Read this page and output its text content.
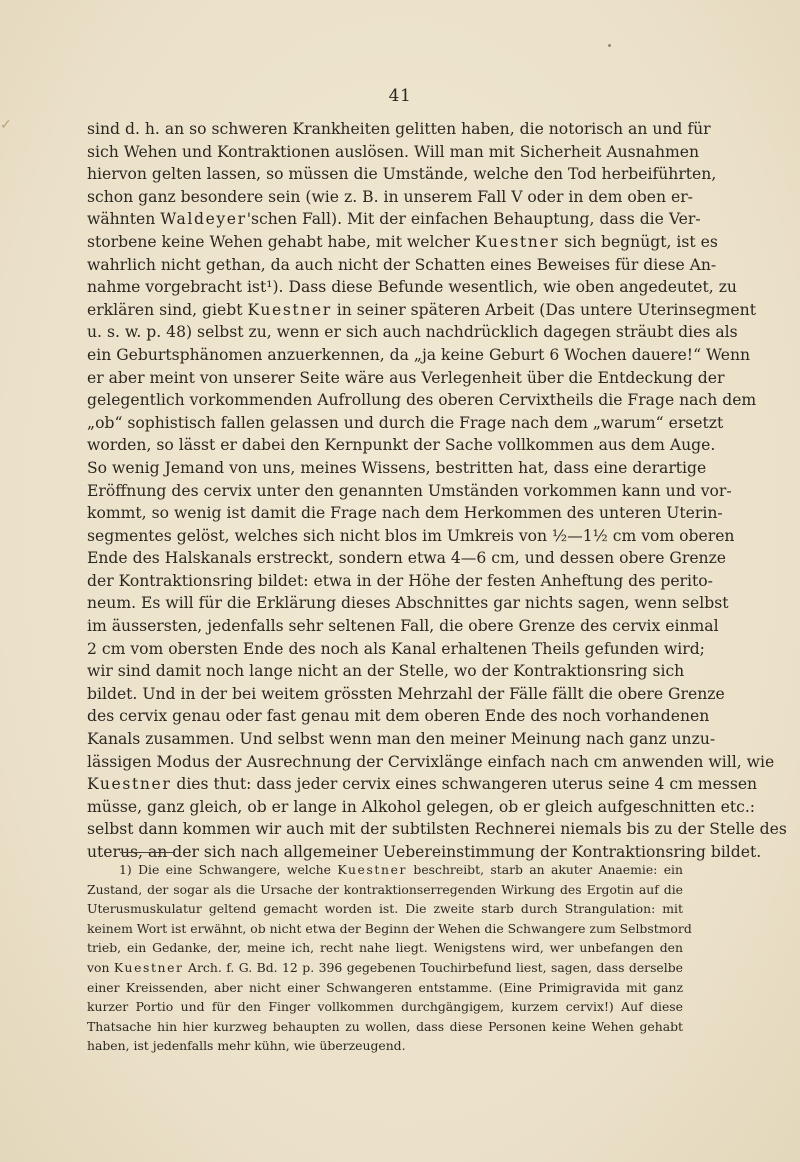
✓
41
sind d. h. an so schweren Krankheiten gelitten haben, die notorisch an und für
sich Wehen und Kontraktionen auslösen. Will man mit Sicherheit Ausnahmen
hiervon gelten lassen, so müssen die Umstände, welche den Tod herbeiführten,
schon ganz besondere sein (wie z. B. in unserem Fall V oder in dem oben er-
wähnten Waldeyer'schen Fall). Mit der einfachen Behauptung, dass die Ver-
storbene keine Wehen gehabt habe, mit welcher Kuestner sich begnügt, ist es
wahrlich nicht gethan, da auch nicht der Schatten eines Beweises für diese An-
nahme vorgebracht ist¹). Dass diese Befunde wesentlich, wie oben angedeutet, zu
erklären sind, giebt Kuestner in seiner späteren Arbeit (Das untere Uterinsegment
u. s. w. p. 48) selbst zu, wenn er sich auch nachdrücklich dagegen sträubt dies als
ein Geburtsphänomen anzuerkennen, da „ja keine Geburt 6 Wochen dauere!“ Wenn
er aber meint von unserer Seite wäre aus Verlegenheit über die Entdeckung der
gelegentlich vorkommenden Aufrollung des oberen Cervixtheils die Frage nach dem
„ob“ sophistisch fallen gelassen und durch die Frage nach dem „warum“ ersetzt
worden, so lässt er dabei den Kernpunkt der Sache vollkommen aus dem Auge.
So wenig Jemand von uns, meines Wissens, bestritten hat, dass eine derartige
Eröffnung des cervix unter den genannten Umständen vorkommen kann und vor-
kommt, so wenig ist damit die Frage nach dem Herkommen des unteren Uterin-
segmentes gelöst, welches sich nicht blos im Umkreis von ½—1½ cm vom oberen
Ende des Halskanals erstreckt, sondern etwa 4—6 cm, und dessen obere Grenze
der Kontraktionsring bildet: etwa in der Höhe der festen Anheftung des perito-
neum. Es will für die Erklärung dieses Abschnittes gar nichts sagen, wenn selbst
im äussersten, jedenfalls sehr seltenen Fall, die obere Grenze des cervix einmal
2 cm vom obersten Ende des noch als Kanal erhaltenen Theils gefunden wird;
wir sind damit noch lange nicht an der Stelle, wo der Kontraktionsring sich
bildet. Und in der bei weitem grössten Mehrzahl der Fälle fällt die obere Grenze
des cervix genau oder fast genau mit dem oberen Ende des noch vorhandenen
Kanals zusammen. Und selbst wenn man den meiner Meinung nach ganz unzu-
lässigen Modus der Ausrechnung der Cervixlänge einfach nach cm anwenden will, wie
Kuestner dies thut: dass jeder cervix eines schwangeren uterus seine 4 cm messen
müsse, ganz gleich, ob er lange in Alkohol gelegen, ob er gleich aufgeschnitten etc.:
selbst dann kommen wir auch mit der subtilsten Rechnerei niemals bis zu der Stelle des
uterus, an der sich nach allgemeiner Uebereinstimmung der Kontraktionsring bildet.
1) Die eine Schwangere, welche Kuestner beschreibt, starb an akuter Anaemie: ein
Zustand, der sogar als die Ursache der kontraktionserregenden Wirkung des Ergotin auf die
Uterusmuskulatur geltend gemacht worden ist. Die zweite starb durch Strangulation: mit
keinem Wort ist erwähnt, ob nicht etwa der Beginn der Wehen die Schwangere zum Selbstmord
trieb, ein Gedanke, der, meine ich, recht nahe liegt. Wenigstens wird, wer unbefangen den
von Kuestner Arch. f. G. Bd. 12 p. 396 gegebenen Touchirbefund liest, sagen, dass derselbe
einer Kreissenden, aber nicht einer Schwangeren entstamme. (Eine Primigravida mit ganz
kurzer Portio und für den Finger vollkommen durchgängigem, kurzem cervix!) Auf diese
Thatsache hin hier kurzweg behaupten zu wollen, dass diese Personen keine Wehen gehabt
haben, ist jedenfalls mehr kühn, wie überzeugend.
